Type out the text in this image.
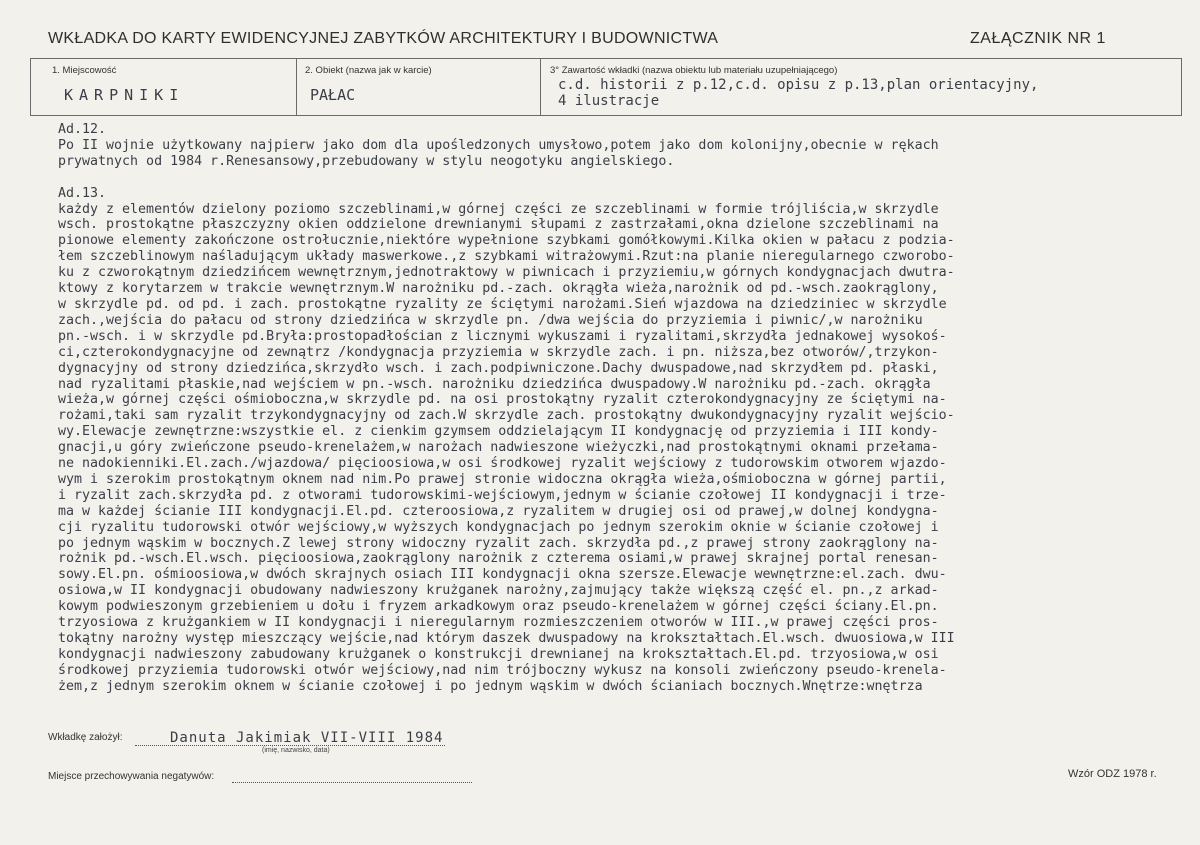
WKŁADKA DO KARTY EWIDENCYJNEJ ZABYTKÓW ARCHITEKTURY I BUDOWNICTWA	ZAŁĄCZNIK NR 1
1. Miejscowość
KARPNIKI
2. Obiekt (nazwa jak w karcie)
PAŁAC
3° Zawartość wkładki (nazwa obiektu lub materiału uzupełniającego)
c.d. historii z p.12,c.d. opisu z p.13,plan orientacyjny,
4 ilustracje
Ad.12.
Po II wojnie użytkowany najpierw jako dom dla upośledzonych umysłowo,potem jako dom kolonijny,obecnie w rękach
prywatnych od 1984 r.Renesansowy,przebudowany w stylu neogotyku angielskiego.

Ad.13.
każdy z elementów dzielony poziomo szczeblinami,w górnej części ze szczeblinami w formie trójliścia,w skrzydle
wsch. prostokątne płaszczyzny okien oddzielone drewnianymi słupami z zastrzałami,okna dzielone szczeblinami na
pionowe elementy zakończone ostrołucznie,niektóre wypełnione szybkami gomółkowymi.Kilka okien w pałacu z podzia-
łem szczeblinowym naśladującym układy maswerkowe.,z szybkami witrażowymi.Rzut:na planie nieregularnego czworobo-
ku z czworokątnym dziedzińcem wewnętrznym,jednotraktowy w piwnicach i przyziemiu,w górnych kondygnacjach dwutra-
ktowy z korytarzem w trakcie wewnętrznym.W narożniku pd.-zach. okrągła wieża,narożnik od pd.-wsch.zaokrąglony,
w skrzydle pd. od pd. i zach. prostokątne ryzality ze ściętymi narożami.Sień wjazdowa na dziedziniec w skrzydle
zach.,wejścia do pałacu od strony dziedzińca w skrzydle pn. /dwa wejścia do przyziemia i piwnic/,w narożniku
pn.-wsch. i w skrzydle pd.Bryła:prostopadłościan z licznymi wykuszami i ryzalitami,skrzydła jednakowej wysokoś-
ci,czterokondygnacyjne od zewnątrz /kondygnacja przyziemia w skrzydle zach. i pn. niższa,bez otworów/,trzykon-
dygnacyjny od strony dziedzińca,skrzydło wsch. i zach.podpiwniczone.Dachy dwuspadowe,nad skrzydłem pd. płaski,
nad ryzalitami płaskie,nad wejściem w pn.-wsch. narożniku dziedzińca dwuspadowy.W narożniku pd.-zach. okrągła
wieża,w górnej części ośmioboczna,w skrzydle pd. na osi prostokątny ryzalit czterokondygnacyjny ze ściętymi na-
rożami,taki sam ryzalit trzykondygnacyjny od zach.W skrzydle zach. prostokątny dwukondygnacyjny ryzalit wejścio-
wy.Elewacje zewnętrzne:wszystkie el. z cienkim gzymsem oddzielającym II kondygnację od przyziemia i III kondy-
gnacji,u góry zwieńczone pseudo-krenelażem,w narożach nadwieszone wieżyczki,nad prostokątnymi oknami przełama-
ne nadokienniki.El.zach./wjazdowa/ pięcioosiowa,w osi środkowej ryzalit wejściowy z tudorowskim otworem wjazdo-
wym i szerokim prostokątnym oknem nad nim.Po prawej stronie widoczna okrągła wieża,ośmioboczna w górnej partii,
i ryzalit zach.skrzydła pd. z otworami tudorowskimi-wejściowym,jednym w ścianie czołowej II kondygnacji i trze-
ma w każdej ścianie III kondygnacji.El.pd. czteroosiowa,z ryzalitem w drugiej osi od prawej,w dolnej kondygna-
cji ryzalitu tudorowski otwór wejściowy,w wyższych kondygnacjach po jednym szerokim oknie w ścianie czołowej i
po jednym wąskim w bocznych.Z lewej strony widoczny ryzalit zach. skrzydła pd.,z prawej strony zaokrąglony na-
rożnik pd.-wsch.El.wsch. pięcioosiowa,zaokrąglony narożnik z czterema osiami,w prawej skrajnej portal renesan-
sowy.El.pn. ośmioosiowa,w dwóch skrajnych osiach III kondygnacji okna szersze.Elewacje wewnętrzne:el.zach. dwu-
osiowa,w II kondygnacji obudowany nadwieszony krużganek narożny,zajmujący także większą część el. pn.,z arkad-
kowym podwieszonym grzebieniem u dołu i fryzem arkadkowym oraz pseudo-krenelażem w górnej części ściany.El.pn.
trzyosiowa z krużgankiem w II kondygnacji i nieregularnym rozmieszczeniem otworów w III.,w prawej części pros-
tokątny narożny występ mieszczący wejście,nad którym daszek dwuspadowy na krokształtach.El.wsch. dwuosiowa,w III
kondygnacji nadwieszony zabudowany krużganek o konstrukcji drewnianej na krokształtach.El.pd. trzyosiowa,w osi
środkowej przyziemia tudorowski otwór wejściowy,nad nim trójboczny wykusz na konsoli zwieńczony pseudo-krenela-
żem,z jednym szerokim oknem w ścianie czołowej i po jednym wąskim w dwóch ścianiach bocznych.Wnętrze:wnętrza
Wkładkę założył:	Danuta Jakimiak VII-VIII 1984
(imię, nazwisko, data)
Miejsce przechowywania negatywów:	Wzór ODZ 1978 r.
